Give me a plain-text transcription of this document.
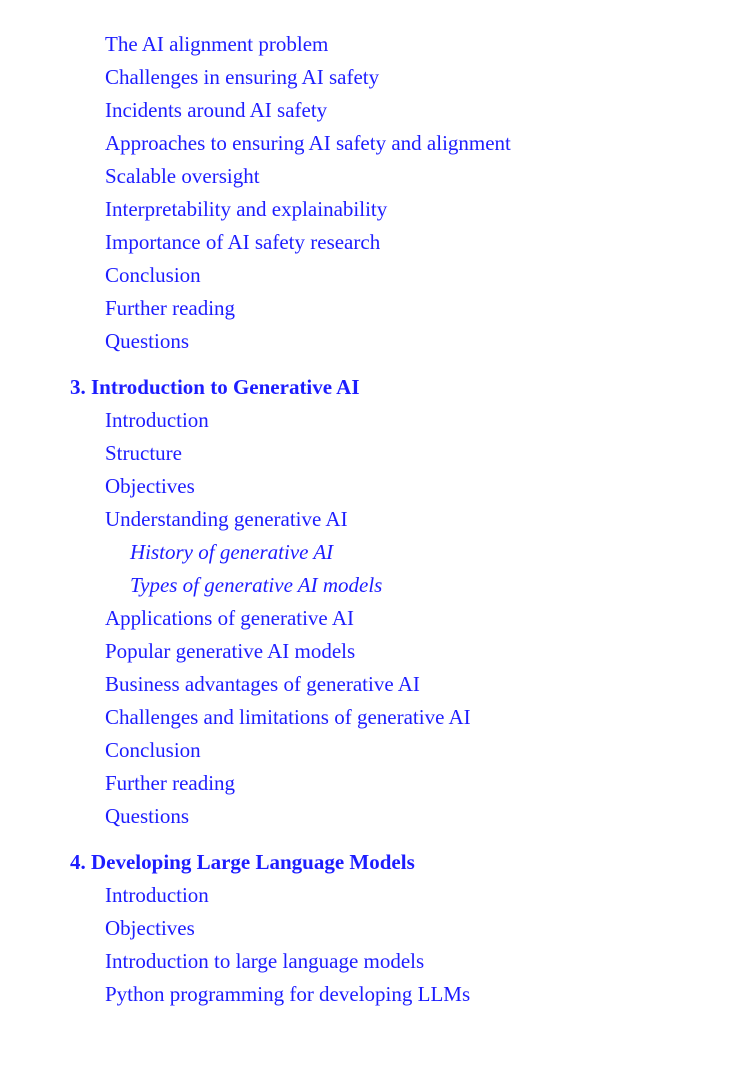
The AI alignment problem
Challenges in ensuring AI safety
Incidents around AI safety
Approaches to ensuring AI safety and alignment
Scalable oversight
Interpretability and explainability
Importance of AI safety research
Conclusion
Further reading
Questions
3. Introduction to Generative AI
Introduction
Structure
Objectives
Understanding generative AI
History of generative AI
Types of generative AI models
Applications of generative AI
Popular generative AI models
Business advantages of generative AI
Challenges and limitations of generative AI
Conclusion
Further reading
Questions
4. Developing Large Language Models
Introduction
Objectives
Introduction to large language models
Python programming for developing LLMs
